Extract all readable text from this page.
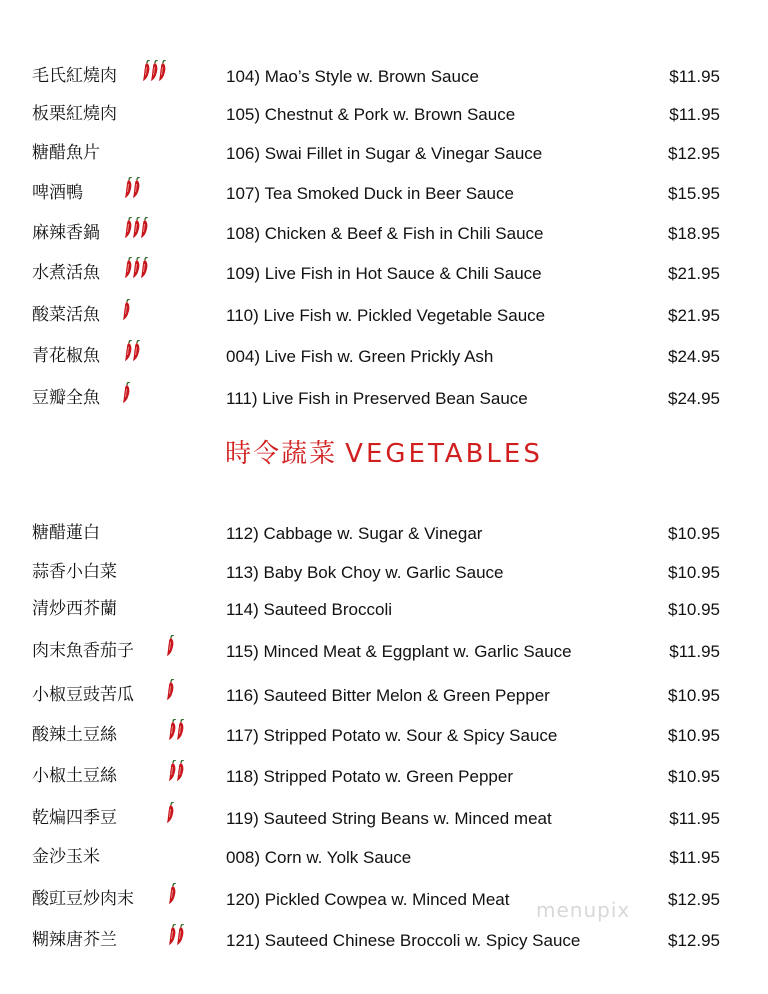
毛氏紅燒肉	104) Mao’s Style w. Brown Sauce	$11.95
板栗紅燒肉	105) Chestnut & Pork w. Brown Sauce	$11.95
糖醋魚片	106) Swai Fillet in Sugar & Vinegar Sauce	$12.95
啤酒鴨	107) Tea Smoked Duck in Beer Sauce	$15.95
麻辣香鍋	108) Chicken & Beef & Fish in Chili Sauce	$18.95
水煮活魚	109) Live Fish in Hot Sauce & Chili Sauce	$21.95
酸菜活魚	110) Live Fish w. Pickled Vegetable Sauce	$21.95
青花椒魚	004) Live Fish w. Green Prickly Ash	$24.95
豆瓣全魚	111) Live Fish in Preserved Bean Sauce	$24.95
時令蔬菜 VEGETABLES
糖醋蓮白	112) Cabbage w. Sugar & Vinegar	$10.95
蒜香小白菜	113) Baby Bok Choy w. Garlic Sauce	$10.95
清炒西芥蘭	114) Sauteed Broccoli	$10.95
肉末魚香茄子	115) Minced Meat & Eggplant w. Garlic Sauce	$11.95
小椒豆豉苦瓜	116) Sauteed Bitter Melon & Green Pepper	$10.95
酸辣土豆絲	117) Stripped Potato w. Sour & Spicy Sauce	$10.95
小椒土豆絲	118) Stripped Potato w. Green Pepper	$10.95
乾煸四季豆	119) Sauteed String Beans w. Minced meat	$11.95
金沙玉米	008) Corn w. Yolk Sauce	$11.95
酸豇豆炒肉末	120) Pickled Cowpea w. Minced Meat	$12.95
糊辣唐芥兰	121) Sauteed Chinese Broccoli w. Spicy Sauce	$12.95
menupix
